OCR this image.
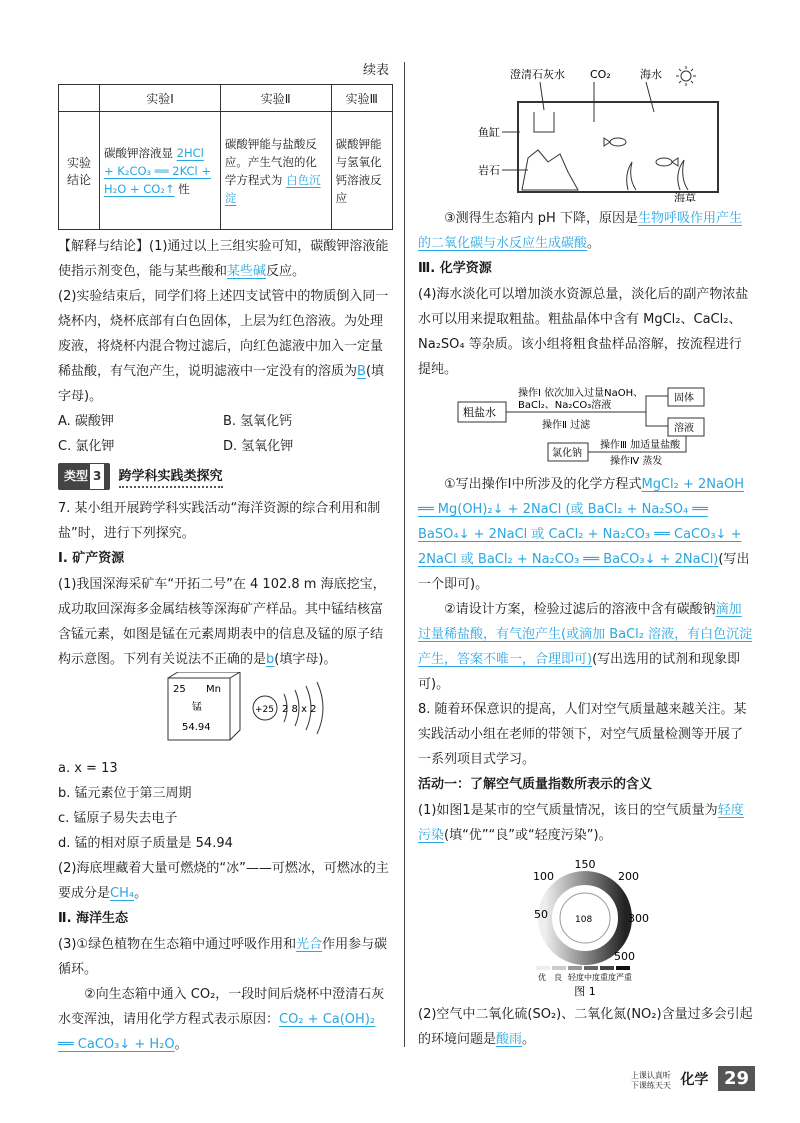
续表
	实验Ⅰ	实验Ⅱ	实验Ⅲ
实验结论	碳酸钾溶液显 2HCl + K₂CO₃ ══ 2KCl + H₂O + CO₂↑ 性	碳酸钾能与盐酸反应。产生气泡的化学方程式为 白色沉淀	碳酸钾能与氢氧化钙溶液反应

【解释与结论】(1)通过以上三组实验可知，碳酸钾溶液能使指示剂变色，能与某些酸和某些碱反应。

(2)实验结束后，同学们将上述四支试管中的物质倒入同一烧杯内，烧杯底部有白色固体，上层为红色溶液。为处理废液，将烧杯内混合物过滤后，向红色滤液中加入一定量稀盐酸，有气泡产生，说明滤液中一定没有的溶质为B(填字母)。

A. 碳酸钾	B. 氢氧化钙
C. 氯化钾	D. 氢氧化钾

类型 3 跨学科实践类探究

7. 某小组开展跨学科实践活动“海洋资源的综合利用和制盐”时，进行下列探究。

Ⅰ. 矿产资源

(1)我国深海采矿车“开拓二号”在 4 102.8 m 海底挖宝，成功取回深海多金属结核等深海矿产样品。其中锰结核富含锰元素，如图是锰在元素周期表中的信息及锰的原子结构示意图。下列有关说法不正确的是b(填字母)。

25 Mn
锰
54.94
+25 2 8 x 2

a. x = 13

b. 锰元素位于第三周期

c. 锰原子易失去电子

d. 锰的相对原子质量是 54.94

(2)海底埋藏着大量可燃烧的“冰”——可燃冰，可燃冰的主要成分是CH₄。

Ⅱ. 海洋生态

(3)①绿色植物在生态箱中通过呼吸作用和光合作用参与碳循环。

②向生态箱中通入 CO₂，一段时间后烧杯中澄清石灰水变浑浊，请用化学方程式表示原因：CO₂ + Ca(OH)₂ ══ CaCO₃↓ + H₂O。

澄清石灰水 CO₂	海水
鱼缸
岩石
海草

③测得生态箱内 pH 下降，原因是生物呼吸作用产生的二氧化碳与水反应生成碳酸。

Ⅲ. 化学资源

(4)海水淡化可以增加淡水资源总量，淡化后的副产物浓盐水可以用来提取粗盐。粗盐晶体中含有 MgCl₂、CaCl₂、Na₂SO₄ 等杂质。该小组将粗食盐样品溶解，按流程进行提纯。

粗盐水
操作Ⅰ 依次加入过量NaOH、
BaCl₂、Na₂CO₃溶液
操作Ⅱ 过滤
固体
溶液
操作Ⅲ 加适量盐酸
操作Ⅳ 蒸发
氯化钠

①写出操作Ⅰ中所涉及的化学方程式MgCl₂ + 2NaOH ══ Mg(OH)₂↓ + 2NaCl (或 BaCl₂ + Na₂SO₄ ══ BaSO₄↓ + 2NaCl 或 CaCl₂ + Na₂CO₃ ══ CaCO₃↓ + 2NaCl 或 BaCl₂ + Na₂CO₃ ══ BaCO₃↓ + 2NaCl)(写出一个即可)。

②请设计方案，检验过滤后的溶液中含有碳酸钠滴加过量稀盐酸，有气泡产生(或滴加 BaCl₂ 溶液，有白色沉淀产生，答案不唯一，合理即可)(写出选用的试剂和现象即可)。

8. 随着环保意识的提高，人们对空气质量越来越关注。某实践活动小组在老师的带领下，对空气质量检测等开展了一系列项目式学习。

活动一：了解空气质量指数所表示的含义

(1)如图1是某市的空气质量情况，该日的空气质量为轻度污染(填“优”“良”或“轻度污染”)。

108
50
100
150
200
300
500
优 良 轻度 中度 重度 严重
图 1

(2)空气中二氧化硫(SO₂)、二氧化氮(NO₂)含量过多会引起的环境问题是酸雨。

上课认真听
下课练天天 化学 29
